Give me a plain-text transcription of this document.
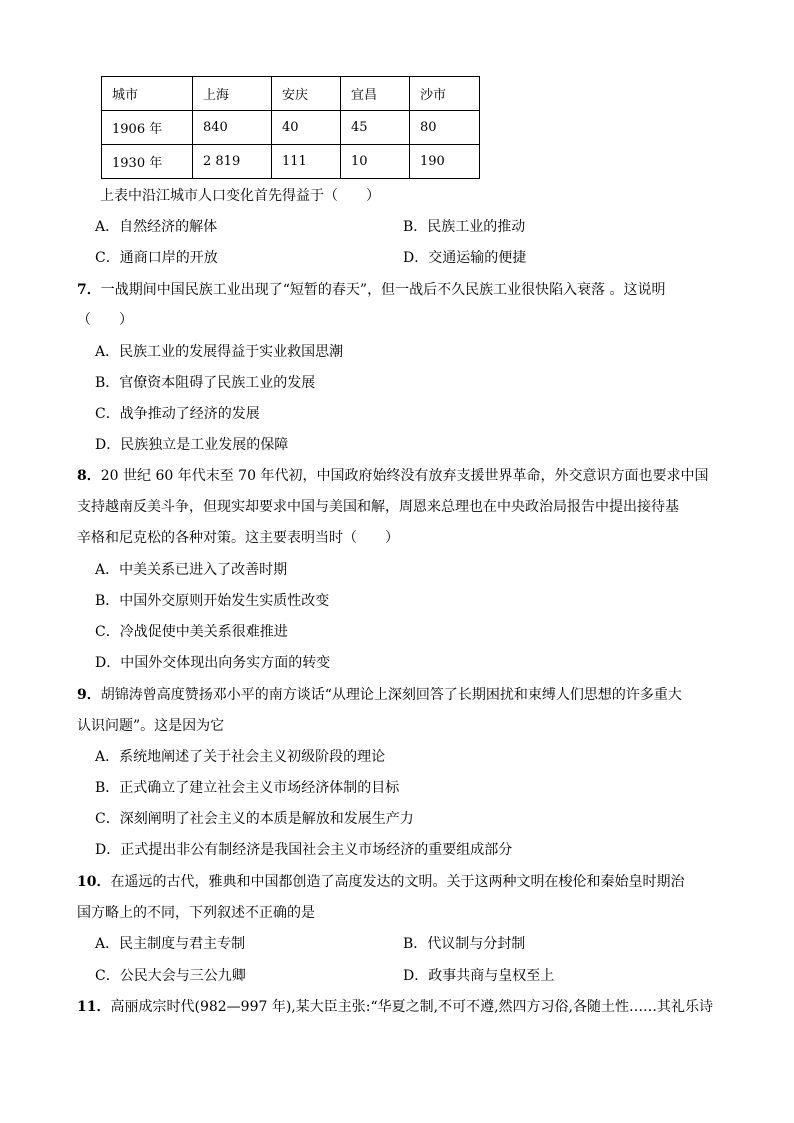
城市	上海	安庆	宜昌	沙市
1906 年	840	40	45	80
1930 年	2 819	111	10	190
上表中沿江城市人口变化首先得益于（　　）
A．自然经济的解体	B．民族工业的推动
C．通商口岸的开放	D．交通运输的便捷
7．一战期间中国民族工业出现了“短暂的春天”，但一战后不久民族工业很快陷入衰落 。这说明
（　　）
A．民族工业的发展得益于实业救国思潮
B．官僚资本阻碍了民族工业的发展
C．战争推动了经济的发展
D．民族独立是工业发展的保障
8．20 世纪 60 年代末至 70 年代初，中国政府始终没有放弃支援世界革命，外交意识方面也要求中国
支持越南反美斗争，但现实却要求中国与美国和解，周恩来总理也在中央政治局报告中提出接待基
辛格和尼克松的各种对策。这主要表明当时（　　）
A．中美关系已进入了改善时期
B．中国外交原则开始发生实质性改变
C．冷战促使中美关系很难推进
D．中国外交体现出向务实方面的转变
9．胡锦涛曾高度赞扬邓小平的南方谈话“从理论上深刻回答了长期困扰和束缚人们思想的许多重大
认识问题”。这是因为它
A．系统地阐述了关于社会主义初级阶段的理论
B．正式确立了建立社会主义市场经济体制的目标
C．深刻阐明了社会主义的本质是解放和发展生产力
D．正式提出非公有制经济是我国社会主义市场经济的重要组成部分
10．在遥远的古代，雅典和中国都创造了高度发达的文明。关于这两种文明在梭伦和秦始皇时期治
国方略上的不同，下列叙述不正确的是
A．民主制度与君主专制	B．代议制与分封制
C．公民大会与三公九卿	D．政事共商与皇权至上
11．高丽成宗时代(982—997 年),某大臣主张:“华夏之制,不可不遵,然四方习俗,各随土性……其礼乐诗
